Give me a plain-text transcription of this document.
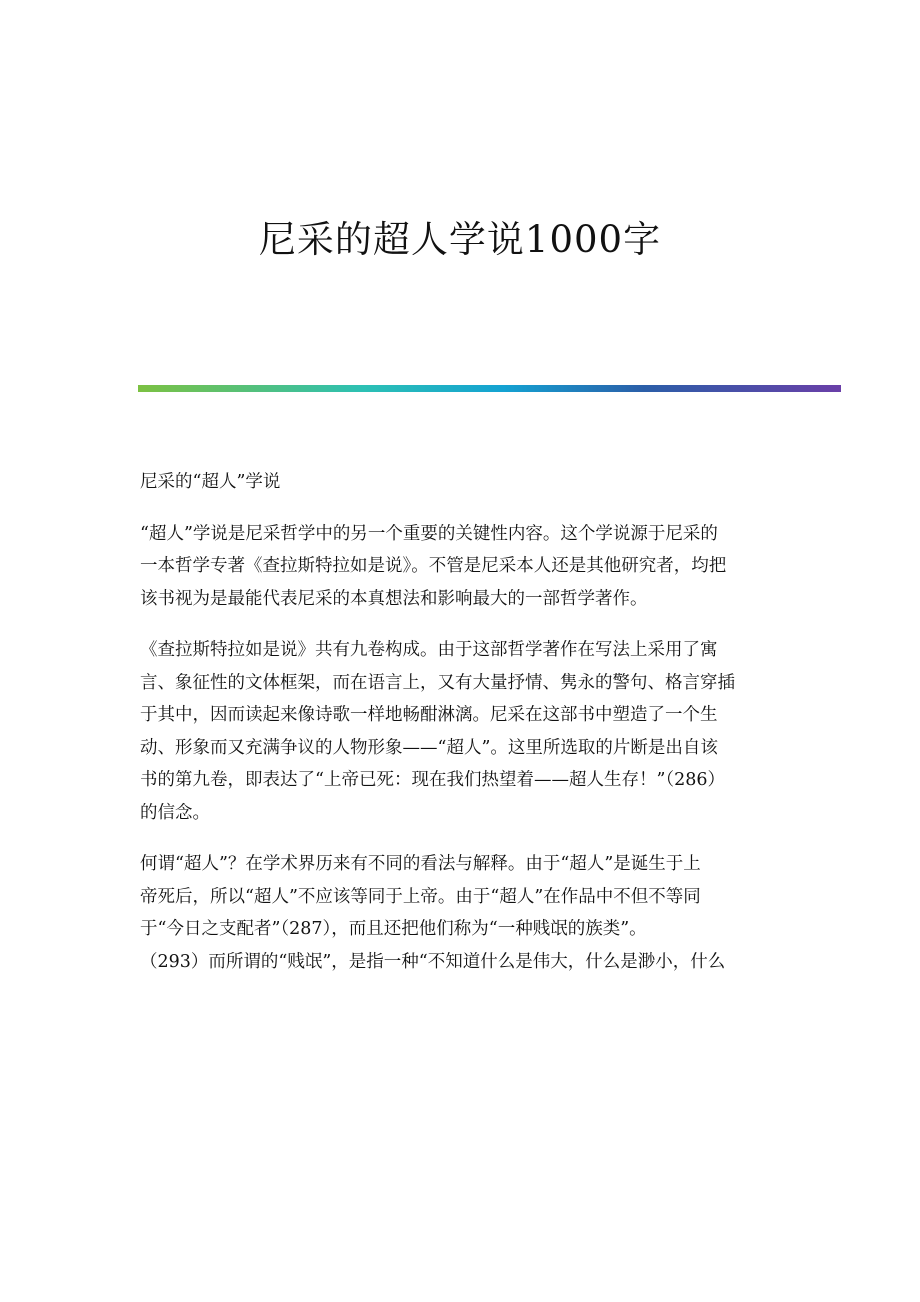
尼采的超人学说1000字

尼采的“超人”学说

“超人”学说是尼采哲学中的另一个重要的关键性内容。这个学说源于尼采的
一本哲学专著《查拉斯特拉如是说》。不管是尼采本人还是其他研究者，均把
该书视为是最能代表尼采的本真想法和影响最大的一部哲学著作。

《查拉斯特拉如是说》共有九卷构成。由于这部哲学著作在写法上采用了寓
言、象征性的文体框架，而在语言上，又有大量抒情、隽永的警句、格言穿插
于其中，因而读起来像诗歌一样地畅酣淋漓。尼采在这部书中塑造了一个生
动、形象而又充满争议的人物形象——“超人”。这里所选取的片断是出自该
书的第九卷，即表达了“上帝已死：现在我们热望着——超人生存！”（286）
的信念。

何谓“超人”？在学术界历来有不同的看法与解释。由于“超人”是诞生于上
帝死后，所以“超人”不应该等同于上帝。由于“超人”在作品中不但不等同
于“今日之支配者”（287），而且还把他们称为“一种贱氓的族类”。
（293）而所谓的“贱氓”，是指一种“不知道什么是伟大，什么是渺小，什么
